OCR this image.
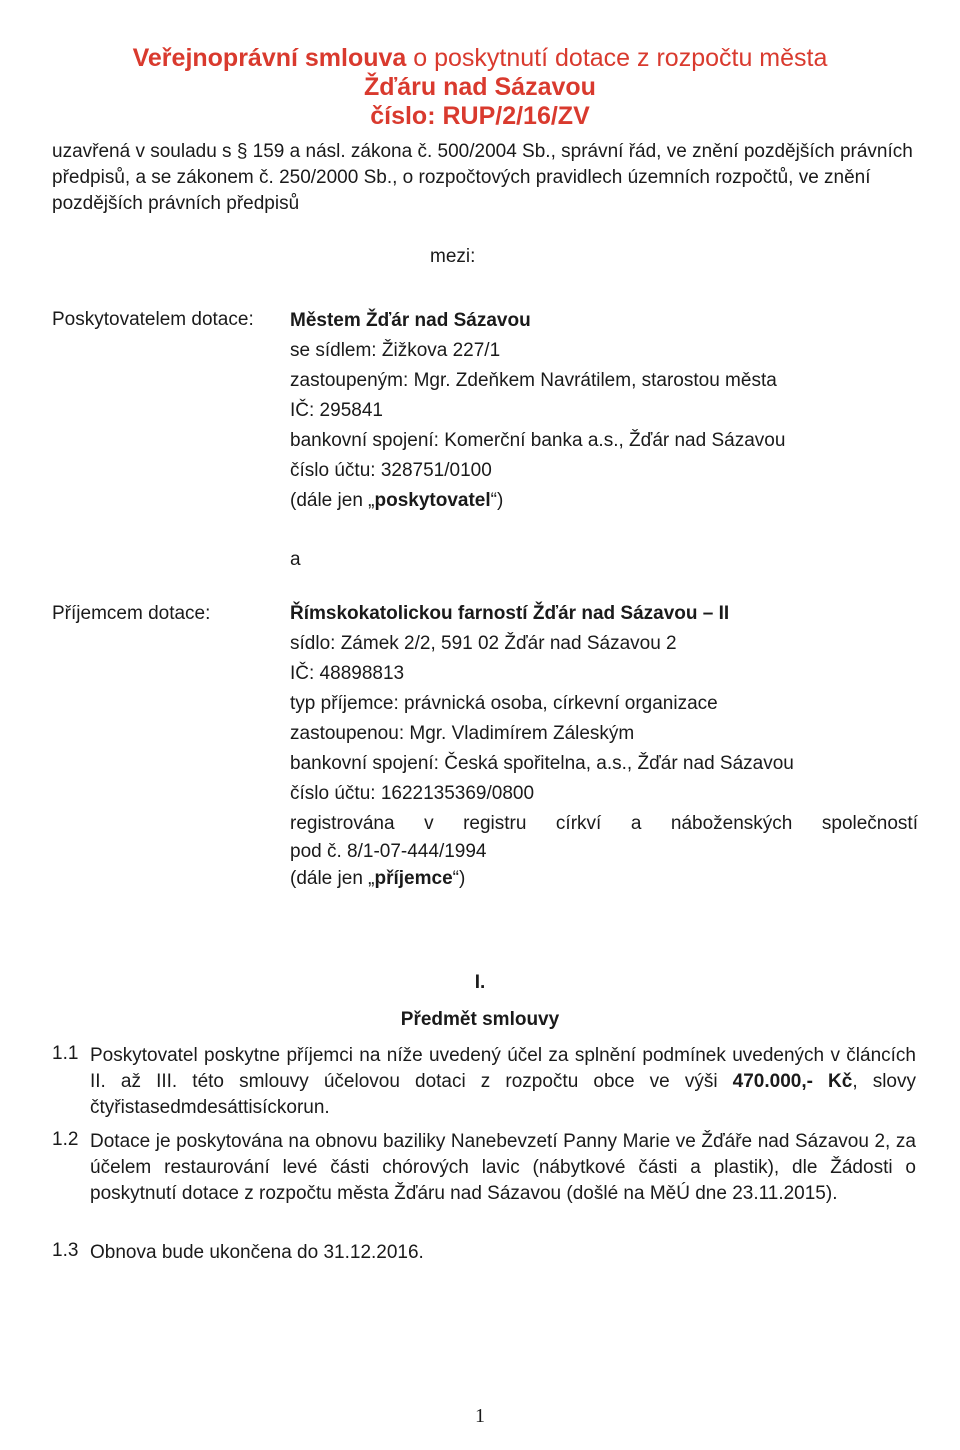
Veřejnoprávní smlouva o poskytnutí dotace z rozpočtu města
Žďáru nad Sázavou
číslo: RUP/2/16/ZV

uzavřená v souladu s § 159 a násl. zákona č. 500/2004 Sb., správní řád, ve znění pozdějších právních předpisů, a se zákonem č. 250/2000 Sb., o rozpočtových pravidlech územních rozpočtů, ve znění pozdějších právních předpisů

mezi:
Poskytovatelem dotace: Městem Žďár nad Sázavou

se sídlem: Žižkova 227/1

zastoupeným: Mgr. Zdeňkem Navrátilem, starostou města

IČ: 295841

bankovní spojení: Komerční banka a.s., Žďár nad Sázavou

číslo účtu: 328751/0100

(dále jen „poskytovatel“)

a
Příjemcem dotace:	Římskokatolickou farností Žďár nad Sázavou – II

sídlo: Zámek 2/2, 591 02 Žďár nad Sázavou 2

IČ: 48898813

typ příjemce: právnická osoba, církevní organizace

zastoupenou: Mgr. Vladimírem Záleským

bankovní spojení: Česká spořitelna, a.s., Žďár nad Sázavou

číslo účtu: 1622135369/0800

registrována v registru církví a náboženských společností

pod č. 8/1-07-444/1994

(dále jen „příjemce“)

I.
Předmět smlouvy
1.1 Poskytovatel poskytne příjemci na níže uvedený účel za splnění podmínek uvedených v článcích II. až III. této smlouvy účelovou dotaci z rozpočtu obce ve výši 470.000,- Kč, slovy čtyřistasedmdesáttisíckorun.
1.2 Dotace je poskytována na obnovu baziliky Nanebevzetí Panny Marie ve Žďáře nad Sázavou 2, za účelem restaurování levé části chórových lavic (nábytkové části a plastik), dle Žádosti o poskytnutí dotace z rozpočtu města Žďáru nad Sázavou (došlé na MěÚ dne 23.11.2015).
1.3 Obnova bude ukončena do 31.12.2016.
1
